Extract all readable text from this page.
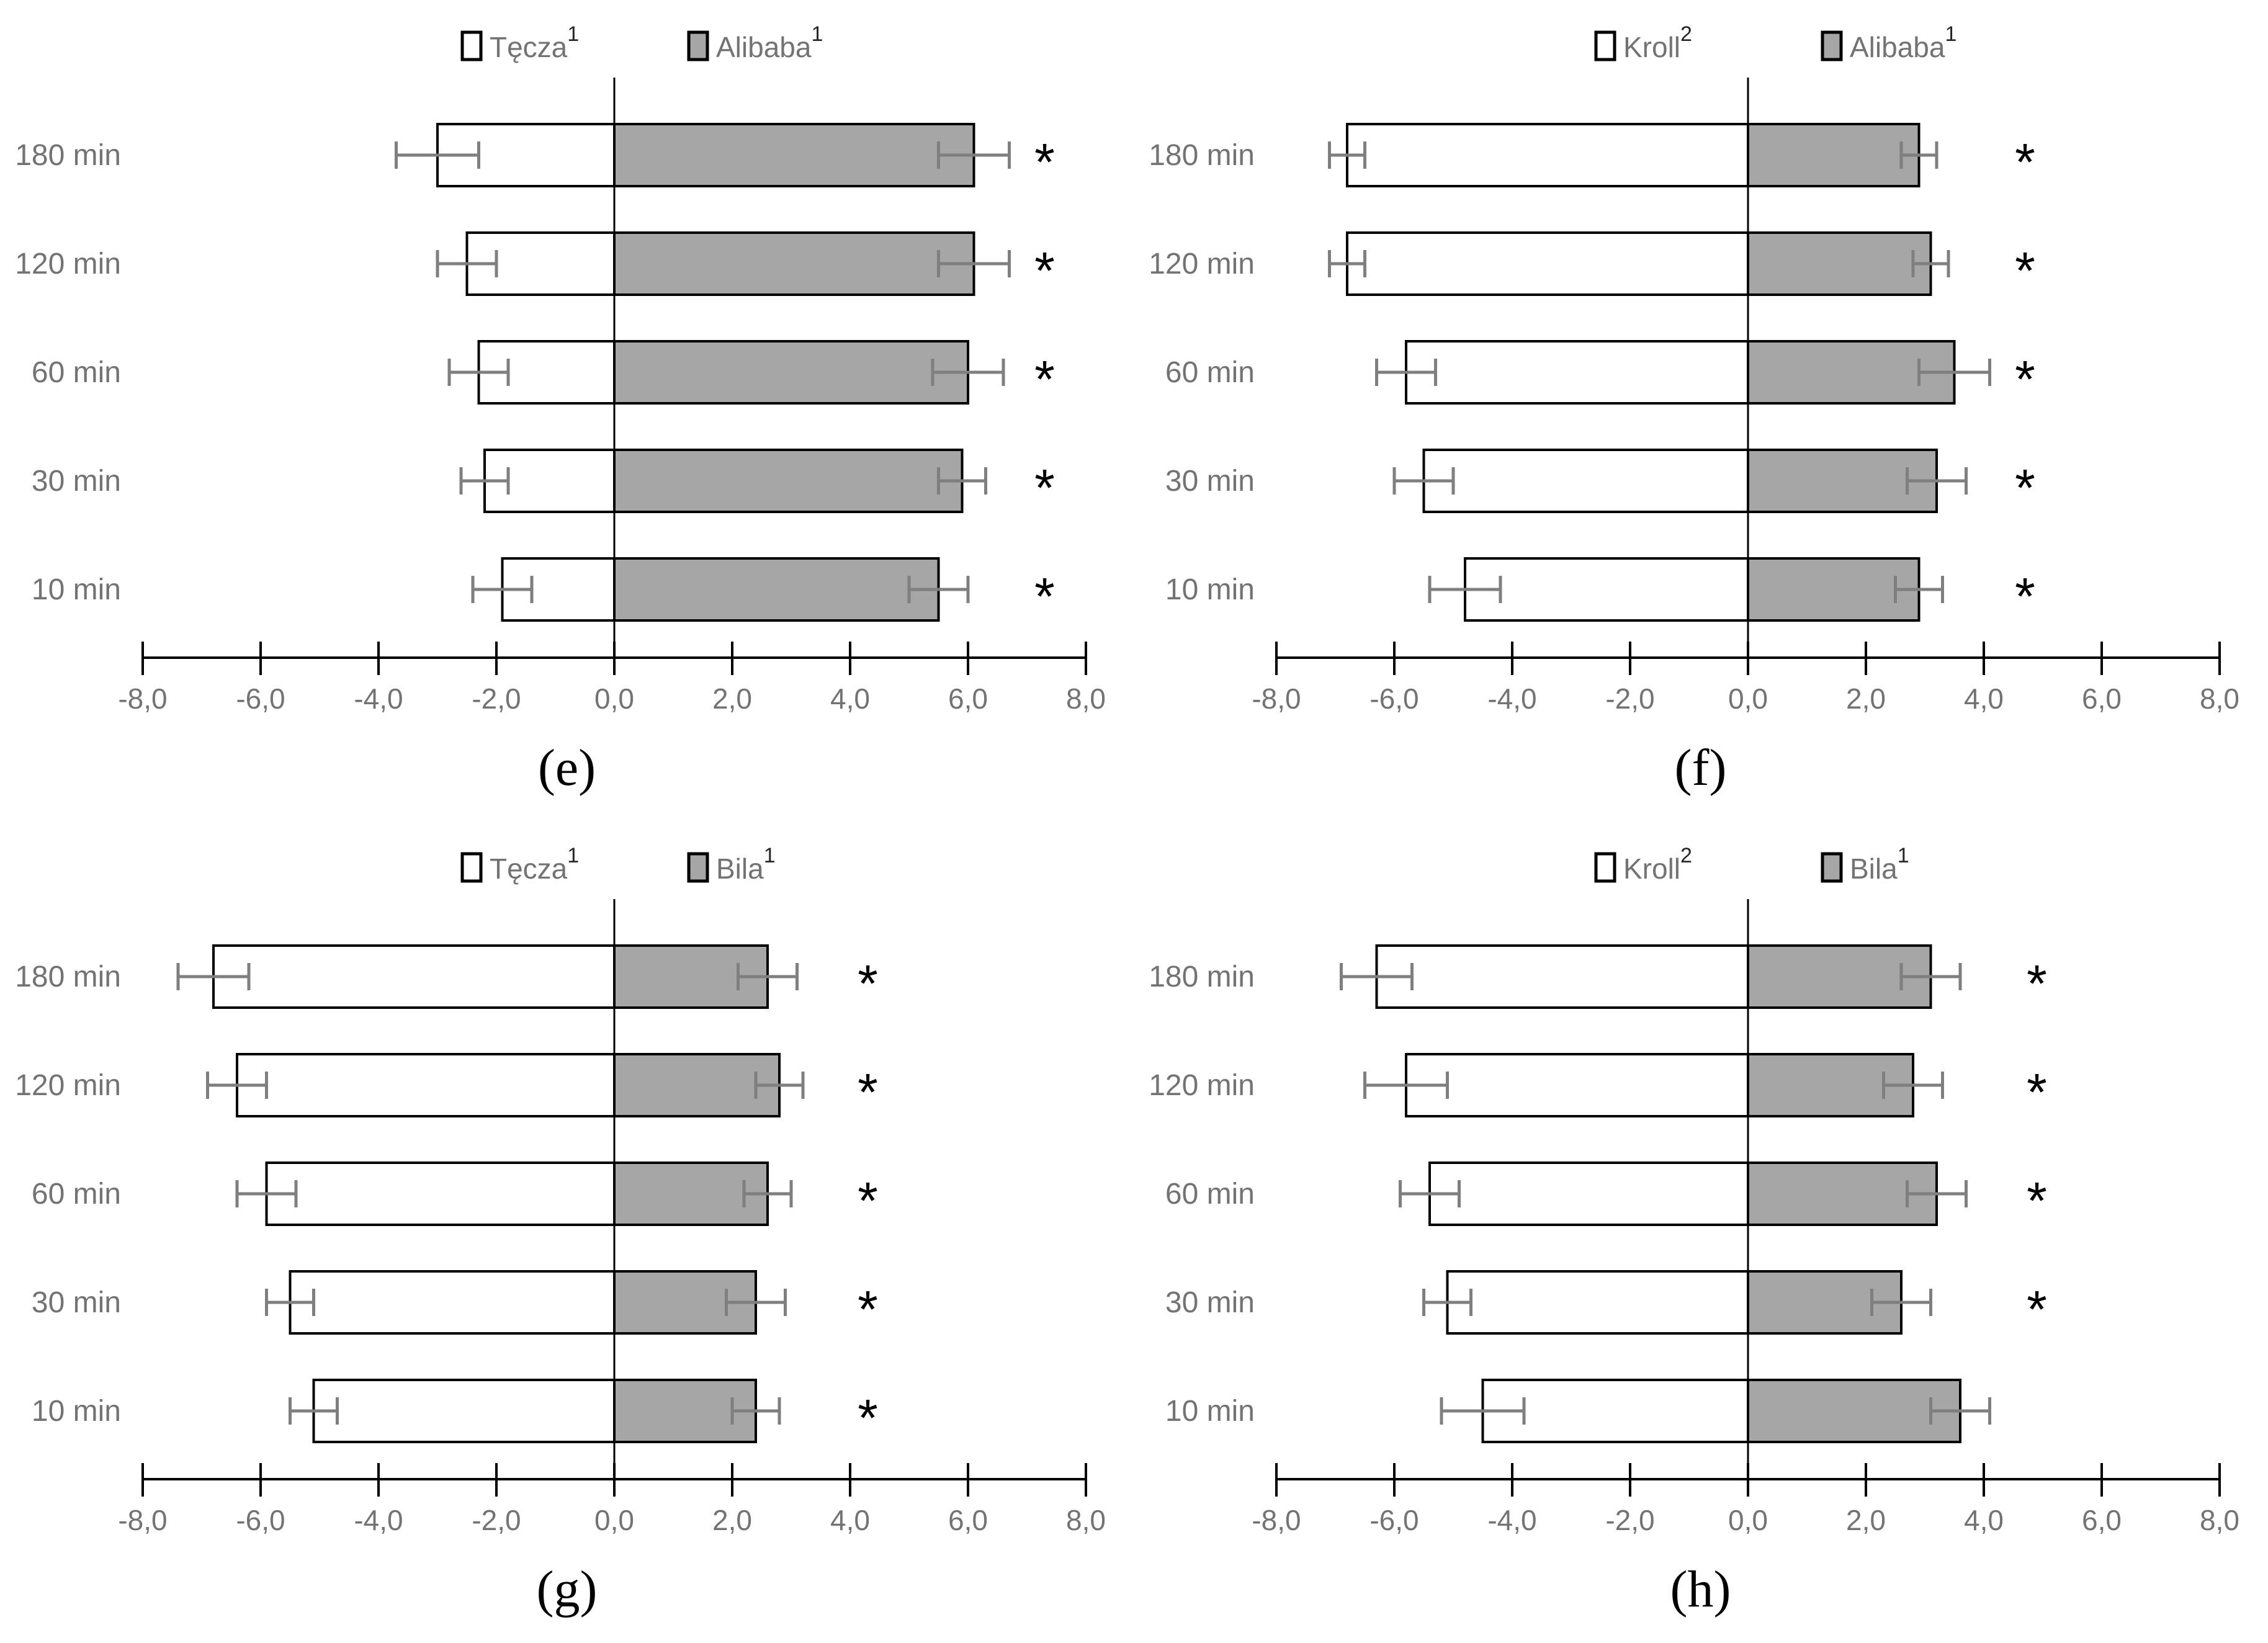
Tęcza$^1$	Alibaba$^1$
-8,0 -6,0 -4,0 -2,0	0,0	2,0	4,0	6,0	8,0
180 min	*
120 min	*
60 min	*
30 min	*
10 min	*
(e)
Kroll$^2$	Alibaba$^1$
-8,0 -6,0 -4,0 -2,0	0,0	2,0	4,0	6,0	8,0
180 min	*
120 min	*
60 min	*
30 min	*
10 min	*
(f)
Tęcza$^1$	Bila$^1$
-8,0 -6,0 -4,0 -2,0	0,0	2,0	4,0	6,0	8,0
180 min	*
120 min	*
60 min	*
30 min	*
10 min	*
(g)
Kroll$^2$	Bila$^1$
-8,0 -6,0 -4,0 -2,0	0,0	2,0	4,0	6,0	8,0
180 min	*
120 min	*
60 min	*
30 min	*
10 min
(h)
